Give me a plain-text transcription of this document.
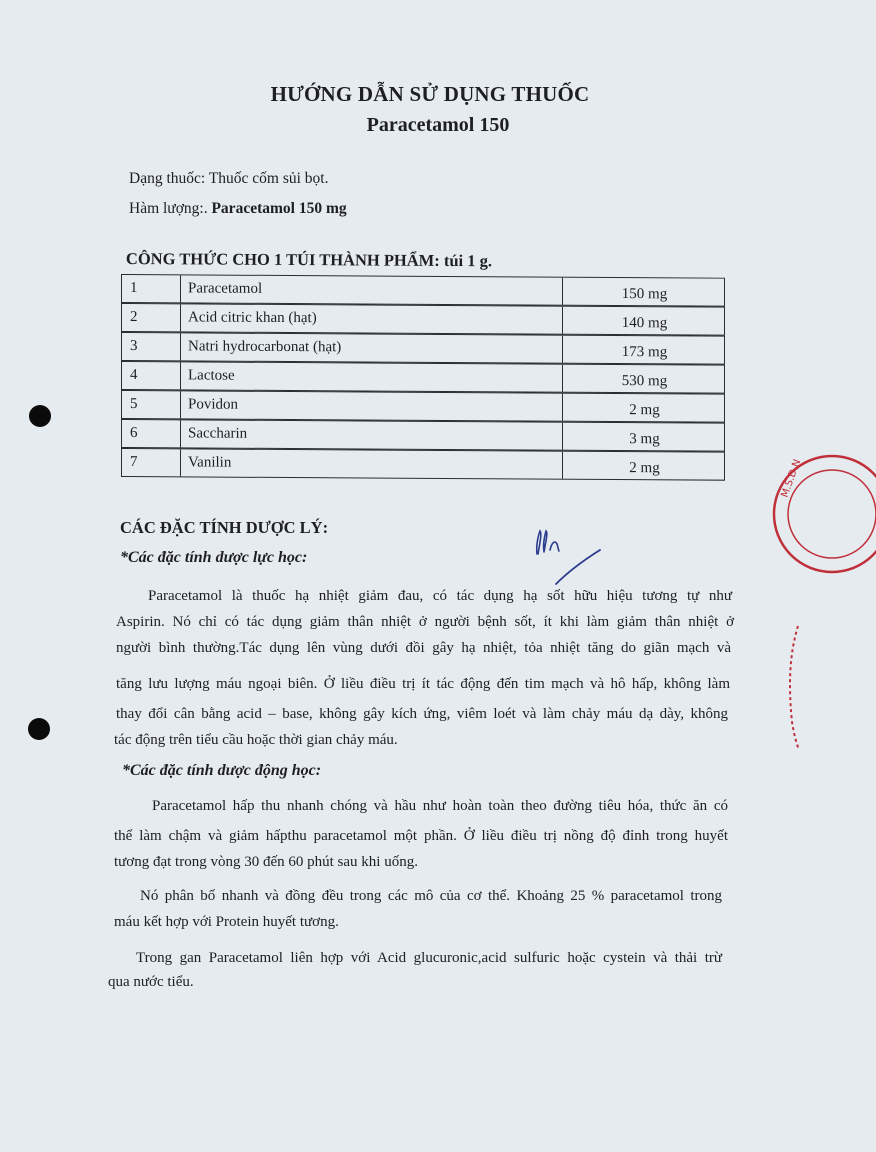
HƯỚNG DẪN SỬ DỤNG THUỐC
Paracetamol 150
Dạng thuốc: Thuốc cốm sủi bọt.
Hàm lượng:. Paracetamol 150 mg
CÔNG THỨC CHO 1 TÚI THÀNH PHẨM: túi 1 g.
1	Paracetamol	150 mg
2	Acid citric khan (hạt)	140 mg
3	Natri hydrocarbonat (hạt)	173 mg
4	Lactose	530 mg
5	Povidon	2 mg
6	Saccharin	3 mg
7	Vanilin	2 mg
CÁC ĐẶC TÍNH DƯỢC LÝ:
*Các đặc tính dược lực học:
Paracetamol là thuốc hạ nhiệt giảm đau, có tác dụng hạ sốt hữu hiệu tương tự như
Aspirin. Nó chỉ có tác dụng giảm thân nhiệt ở người bệnh sốt, ít khi làm giảm thân nhiệt ở
người bình thường.Tác dụng lên vùng dưới đồi gây hạ nhiệt, tỏa nhiệt tăng do giãn mạch và
tăng lưu lượng máu ngoại biên. Ở liều điều trị ít tác động đến tim mạch và hô hấp, không làm
thay đổi cân bằng acid – base, không gây kích ứng, viêm loét và làm chảy máu dạ dày, không
tác động trên tiểu cầu hoặc thời gian chảy máu.
*Các đặc tính dược động học:
Paracetamol hấp thu nhanh chóng và hầu như hoàn toàn theo đường tiêu hóa, thức ăn có
thể làm chậm và giảm hấpthu paracetamol một phần. Ở liều điều trị nồng độ đỉnh trong huyết
tương đạt trong vòng 30 đến 60 phút sau khi uống.
Nó phân bố nhanh và đồng đều trong các mô của cơ thể. Khoảng 25 % paracetamol trong
máu kết hợp với Protein huyết tương.
Trong gan Paracetamol liên hợp với Acid glucuronic,acid sulfuric hoặc cystein và thải trừ
qua nước tiểu.
M.S.D.N
